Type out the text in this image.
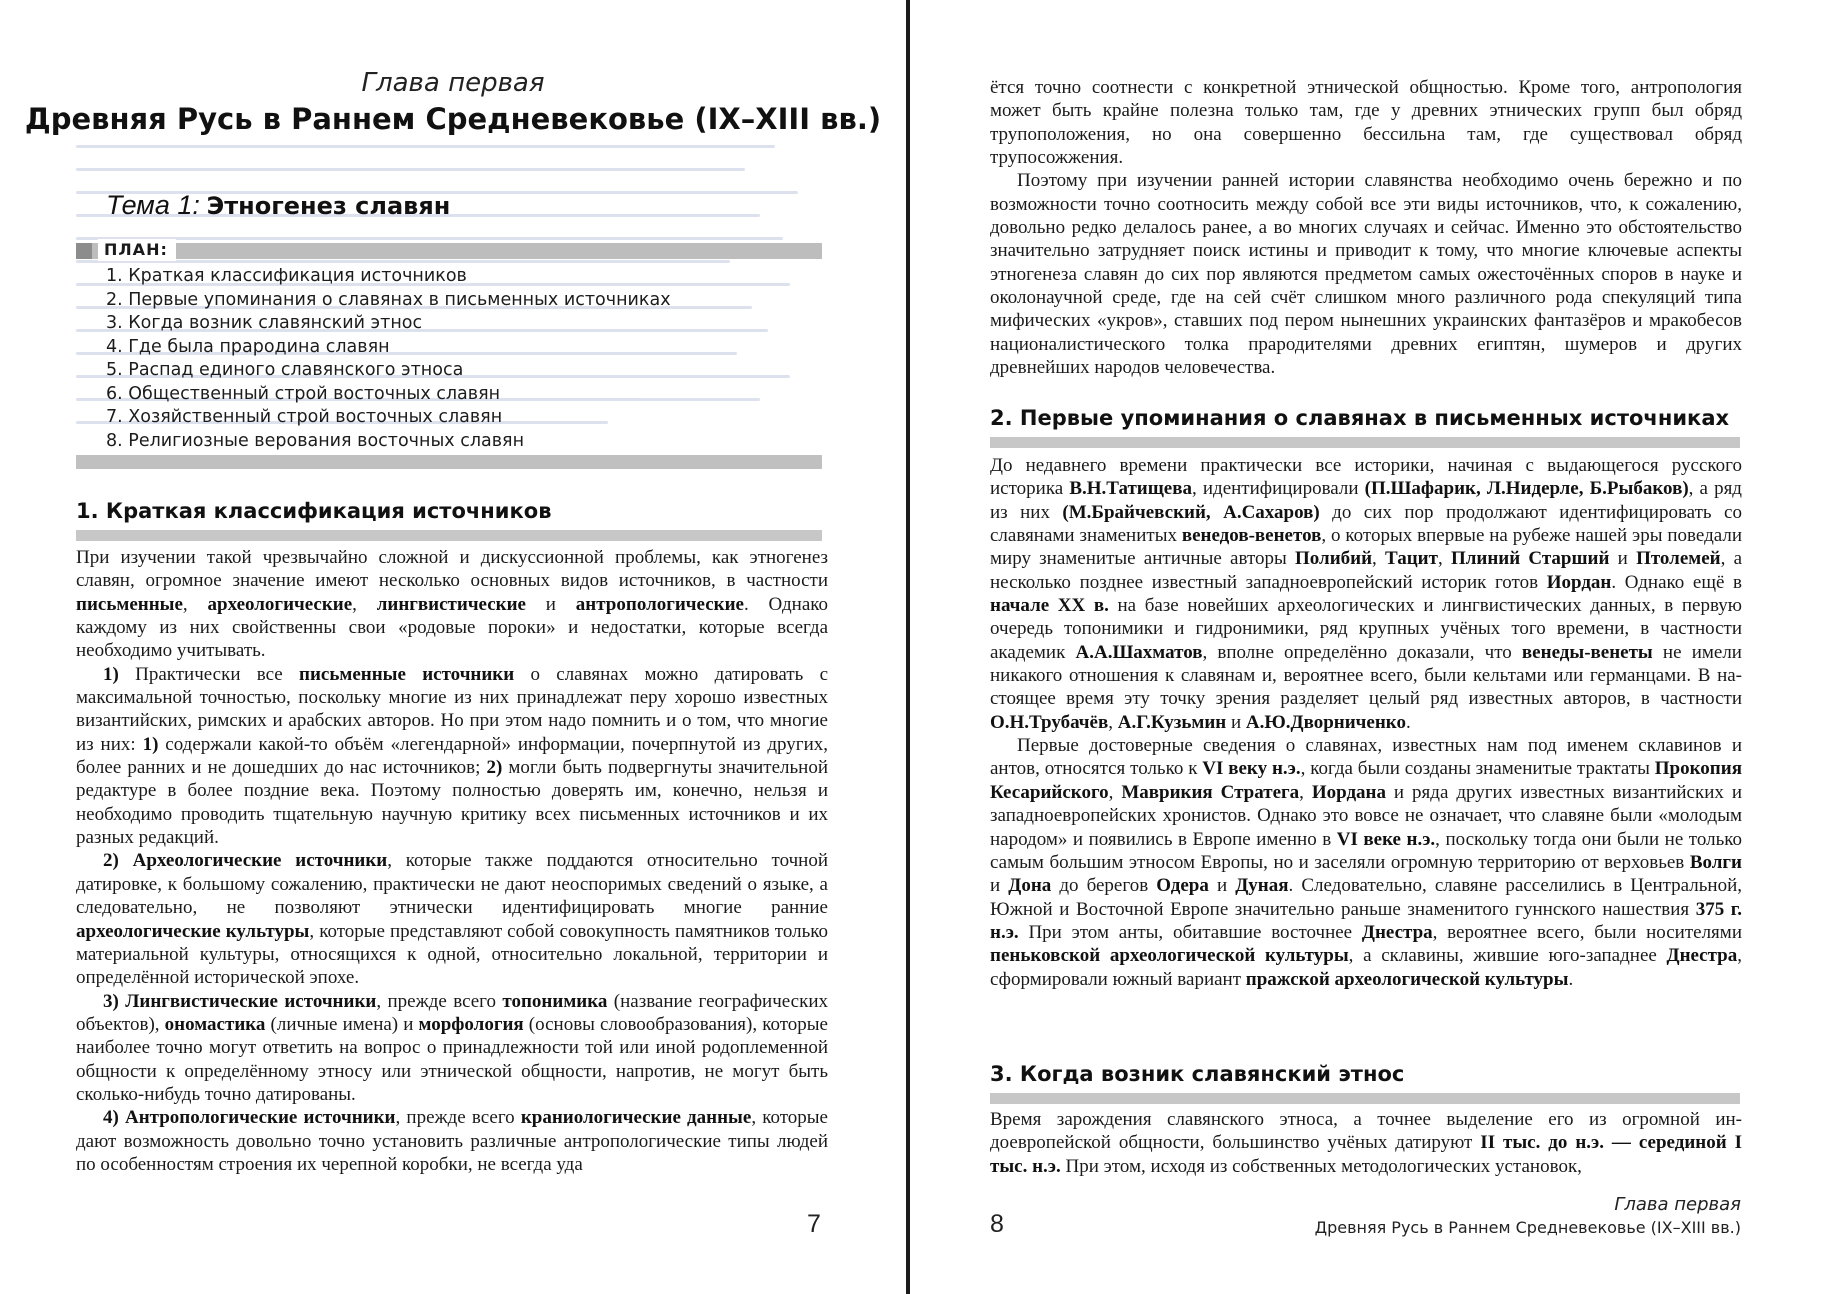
Глава первая
Древняя Русь в Раннем Средневековье (IX–XIII вв.)
Тема 1: Этногенез славян
ПЛАН:
1. Краткая классификация источников
2. Первые упоминания о славянах в письменных источниках
3. Когда возник славянский этнос
4. Где была прародина славян
5. Распад единого славянского этноса
6. Общественный строй восточных славян
7. Хозяйственный строй восточных славян
8. Религиозные верования восточных славян
1. Краткая классификация источников

При изучении такой чрезвычайно сложной и дискуссионной проблемы, как этногенез славян, огромное значение имеют несколько основных видов источников, в частности письменные, археологические, лингвистические и антропологические. Однако каждому из них свойственны свои «родовые пороки» и недостатки, которые всегда необходимо учитывать.

1) Практически все письменные источники о славянах можно датировать с максимальной точностью, поскольку многие из них принадлежат перу хорошо известных византийских, римских и арабских авторов. Но при этом надо помнить и о том, что многие из них: 1) содержали какой-то объём «легендарной» информации, почерпнутой из других, более ранних и не дошедших до нас источников; 2) могли быть подвергнуты значительной редактуре в более поздние века. Поэтому полностью доверять им, конечно, нельзя и необходимо проводить тщательную научную критику всех письменных источников и их разных редакций.

2) Археологические источники, которые также поддаются относительно точной датировке, к большому сожалению, практически не дают неоспоримых сведений о языке, а следовательно, не позволяют этнически идентифицировать многие ранние археологические культуры, которые представляют собой совокупность памятников только материальной культуры, относящихся к одной, относительно локальной, территории и определённой исторической эпохе.

3) Лингвистические источники, прежде всего топонимика (название географических объектов), ономастика (личные имена) и морфология (основы словообразования), которые наиболее точно могут ответить на вопрос о принадлежности той или иной родоплеменной общности к определённому этносу или этнической общности, напротив, не могут быть сколько-нибудь точно датированы.

4) Антропологические источники, прежде всего краниологические данные, которые дают возможность довольно точно установить различные антропологические типы людей по особенностям строения их черепной коробки, не всегда уда

7

ётся точно соотнести с конкретной этнической общностью. Кроме того, антропология может быть крайне полезна только там, где у древних этнических групп был обряд трупоположения, но она совершенно бессильна там, где существовал обряд трупосожжения.

Поэтому при изучении ранней истории славянства необходимо очень бережно и по возможности точно соотносить между собой все эти виды источников, что, к сожалению, довольно редко делалось ранее, а во многих случаях и сейчас. Именно это обстоятельство значительно затрудняет поиск истины и приводит к тому, что многие ключевые аспекты этногенеза славян до сих пор являются предметом самых ожесточённых споров в науке и околонаучной среде, где на сей счёт слишком много различного рода спекуляций типа мифических «укров», ставших под пером нынешних украинских фантазёров и мракобесов националистического толка прародителями древних египтян, шумеров и других древнейших народов человечества.

2. Первые упоминания о славянах в письменных источниках

До недавнего времени практически все историки, начиная с выдающегося русского историка В.Н.Татищева, идентифицировали (П.Шафарик, Л.Нидерле, Б.Рыбаков), а ряд из них (М.Брайчевский, А.Сахаров) до сих пор продолжают идентифицировать со славянами знаменитых венедов-венетов, о которых впервые на рубеже нашей эры поведали миру знаменитые античные авторы Полибий, Тацит, Плиний Старший и Птолемей, а несколько позднее известный западноевропейский историк готов Иордан. Однако ещё в начале XX в. на базе новейших археологических и лингвистических данных, в первую очередь топонимики и гидронимики, ряд крупных учёных того времени, в частности академик А.А.Шахматов, вполне определённо доказали, что венеды-венеты не имели никакого отношения к славянам и, вероятнее всего, были кельтами или германцами. В настоящее время эту точку зрения разделяет целый ряд известных авторов, в частности О.Н.Трубачёв, А.Г.Кузьмин и А.Ю.Дворниченко.

Первые достоверные сведения о славянах, известных нам под именем склавинов и антов, относятся только к VI веку н.э., когда были созданы знаменитые трактаты Прокопия Кесарийского, Маврикия Стратега, Иордана и ряда других известных византийских и западноевропейских хронистов. Однако это вовсе не означает, что славяне были «молодым народом» и появились в Европе именно в VI веке н.э., поскольку тогда они были не только самым большим этносом Европы, но и заселяли огромную территорию от верховьев Волги и Дона до берегов Одера и Дуная. Следовательно, славяне расселились в Центральной, Южной и Восточной Европе значительно раньше знаменитого гуннского нашествия 375 г. н.э. При этом анты, обитавшие восточнее Днестра, вероятнее всего, были носителями пеньковской археологической культуры, а склавины, жившие юго-западнее Днестра, сформировали южный вариант пражской археологической культуры.

3. Когда возник славянский этнос

Время зарождения славянского этноса, а точнее выделение его из огромной индоевропейской общности, большинство учёных датируют II тыс. до н.э. — серединой I тыс. н.э. При этом, исходя из собственных методологических установок,

8
Глава первая
Древняя Русь в Раннем Средневековье (IX–XIII вв.)
